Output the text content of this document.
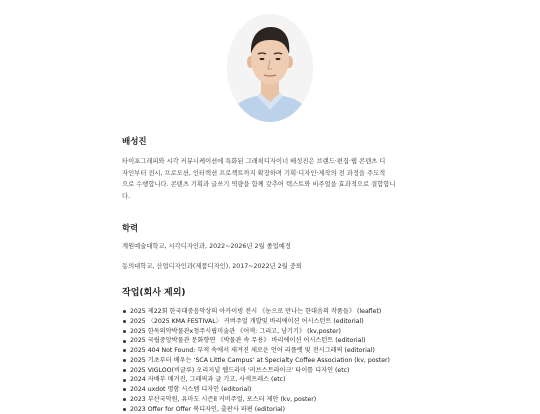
배성진

타이포그래피와 시각 커뮤니케이션에 특화된 그래픽디자이너 배성진은 브랜드·편집·웹 콘텐츠 디
자인부터 전시, 프로모션, 인터랙션 프로젝트까지 확장하며 기획·디자인·제작의 전 과정을 주도적
으로 수행합니다. 콘텐츠 기획과 글쓰기 역량을 함께 갖추어 텍스트와 비주얼을 효과적으로 결합합니
다.

학력

계원예술대학교, 시각디자인과, 2022~2026년 2월 졸업예정

동의대학교, 산업디자인과(제품디자인), 2017~2022년 2월 중퇴

작업(회사 제외)
2025 제22회 한국대중음악상의 아카이빙 전시 《눈으로 만나는 한대음의 작품들》 (leaflet)
2025 〈2025 KMA FESTIVAL〉 커버주얼 개발및 바리에이션 어시스턴트 (editorial)
2025 한독의약박물관x청주시립미술관 《어색: 그리고, 남기기》 (kv,poster)
2025 국립중앙박물관 문화향연 《박물관 속 무용》 바리에이션 어시스턴트 (editorial)
2025 404 Not Found: 부적 속에서 새겨진 새로운 언어 리플렛 및 전시그래픽 (editorial)
2025 기초부터 배우는 ‘SCA Little Campus’ at Specialty Coffee Association (kv, poster)
2025 VIGLOO(비글루) 오리지널 웹드라마 '러브스트라이크' 타이틀 디자인 (etc)
2024 자배부 매거진, 그래픽과 글 기고, 사색프레스 (etc)
2024 uxdot 명함 시스템 디자인 (editorial)
2023 부산국악원, 유마도 시즌ll 커비주얼, 포스터 제안 (kv, poster)
2023 Offer for Offer 북디자인, 출판사 파편 (editorial)
